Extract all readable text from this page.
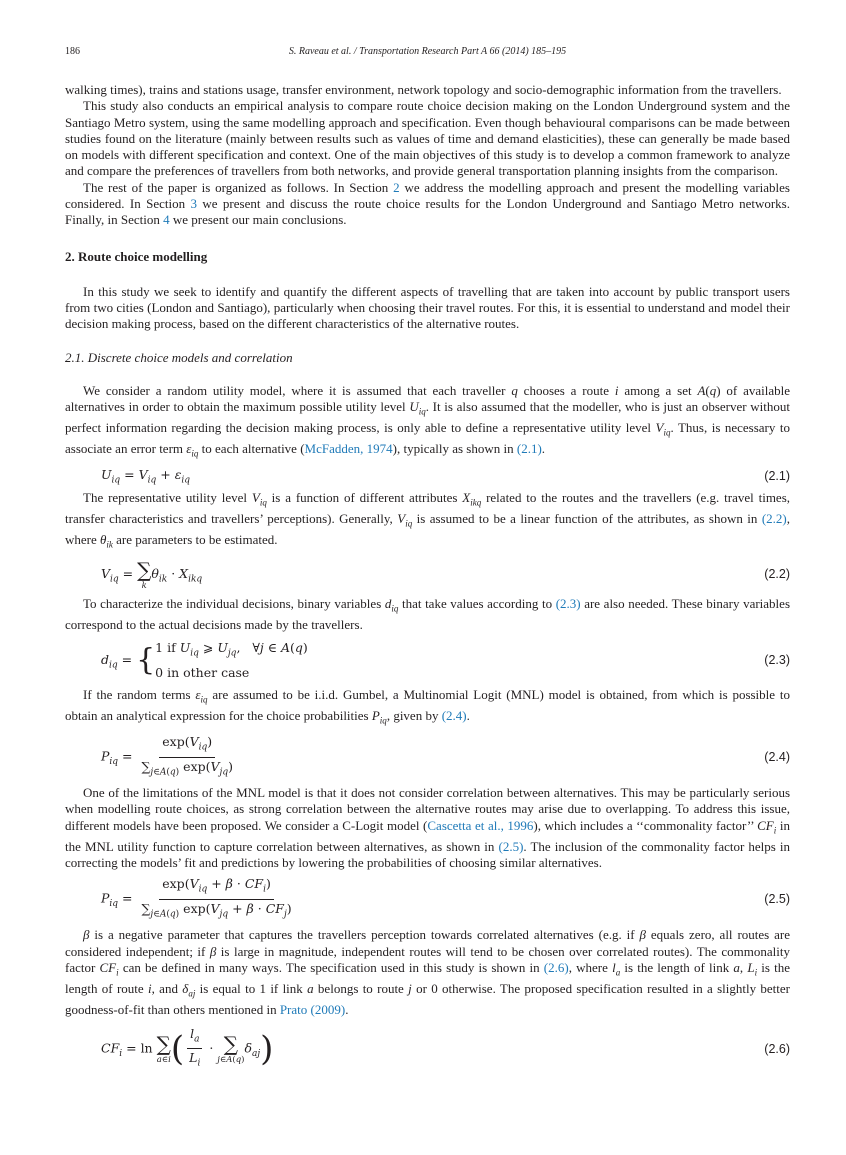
186	S. Raveau et al. / Transportation Research Part A 66 (2014) 185–195

walking times), trains and stations usage, transfer environment, network topology and socio-demographic information from the travellers.

This study also conducts an empirical analysis to compare route choice decision making on the London Underground system and the Santiago Metro system, using the same modelling approach and specification. Even though behavioural comparisons can be made between studies found on the literature (mainly between results such as values of time and demand elasticities), these can generally be made based on models with different specification and context. One of the main objectives of this study is to develop a common framework to analyze and compare the preferences of travellers from both networks, and provide general transportation planning insights from the comparison.

The rest of the paper is organized as follows. In Section 2 we address the modelling approach and present the modelling variables considered. In Section 3 we present and discuss the route choice results for the London Underground and Santiago Metro networks. Finally, in Section 4 we present our main conclusions.

2. Route choice modelling

In this study we seek to identify and quantify the different aspects of travelling that are taken into account by public transport users from two cities (London and Santiago), particularly when choosing their travel routes. For this, it is essential to understand and model their decision making process, based on the different characteristics of the alternative routes.

2.1. Discrete choice models and correlation

We consider a random utility model, where it is assumed that each traveller q chooses a route i among a set A(q) of available alternatives in order to obtain the maximum possible utility level $U_{iq}$. It is also assumed that the modeller, who is just an observer without perfect information regarding the decision making process, is only able to define a representative utility level $V_{iq}$. Thus, is necessary to associate an error term $\varepsilon_{iq}$ to each alternative (McFadden, 1974), typically as shown in (2.1).

$U_{iq} = V_{iq} + \varepsilon_{iq}$	(2.1)

The representative utility level $V_{iq}$ is a function of different attributes $X_{ikq}$ related to the routes and the travellers (e.g. travel times, transfer characteristics and travellers’ perceptions). Generally, $V_{iq}$ is assumed to be a linear function of the attributes, as shown in (2.2), where $\theta_{ik}$ are parameters to be estimated.

$V_{iq}$ = ∑
k
$\theta_{ik} \cdot X_{ikq}$	(2.2)

To characterize the individual decisions, binary variables $d_{iq}$ that take values according to (2.3) are also needed. These binary variables correspond to the actual decisions made by the travellers.

$d_{iq}$ = { 1 if $U_{iq}$ ⩾ $U_{jq}$,   ∀j ∈ A(q)
0 in other case
(2.3)

If the random terms $\varepsilon_{iq}$ are assumed to be i.i.d. Gumbel, a Multinomial Logit (MNL) model is obtained, from which is possible to obtain an analytical expression for the choice probabilities $P_{iq}$, given by (2.4).

$P_{iq} = \frac{\exp(V_{iq})}{\sum_{j\in A(q)} \exp(V_{jq})}$	(2.4)

One of the limitations of the MNL model is that it does not consider correlation between alternatives. This may be particularly serious when modelling route choices, as strong correlation between the alternative routes may arise due to overlapping. To address this issue, different models have been proposed. We consider a C-Logit model (Cascetta et al., 1996), which includes a ‘‘commonality factor’’ $CF_i$ in the MNL utility function to capture correlation between alternatives, as shown in (2.5). The inclusion of the commonality factor helps in correcting the models’ fit and predictions by lowering the probabilities of choosing similar alternatives.

$P_{iq} = \frac{\exp(V_{iq} + \beta \cdot CF_i)}{\sum_{j\in A(q)} \exp(V_{jq} + \beta \cdot CF_j)}$	(2.5)

β is a negative parameter that captures the travellers perception towards correlated alternatives (e.g. if β equals zero, all routes are considered independent; if β is large in magnitude, independent routes will tend to be chosen over correlated routes). The commonality factor $CF_i$ can be defined in many ways. The specification used in this study is shown in (2.6), where $l_a$ is the length of link a, $L_i$ is the length of route i, and $\delta_{aj}$ is equal to 1 if link a belongs to route j or 0 otherwise. The proposed specification resulted in a slightly better goodness-of-fit than others mentioned in Prato (2009).

$CF_i = \ln$ ∑
a∈i ( $\frac{l_a}{L_i}$ · ∑
j∈A(q)
$\delta_{aj}$)	(2.6)
